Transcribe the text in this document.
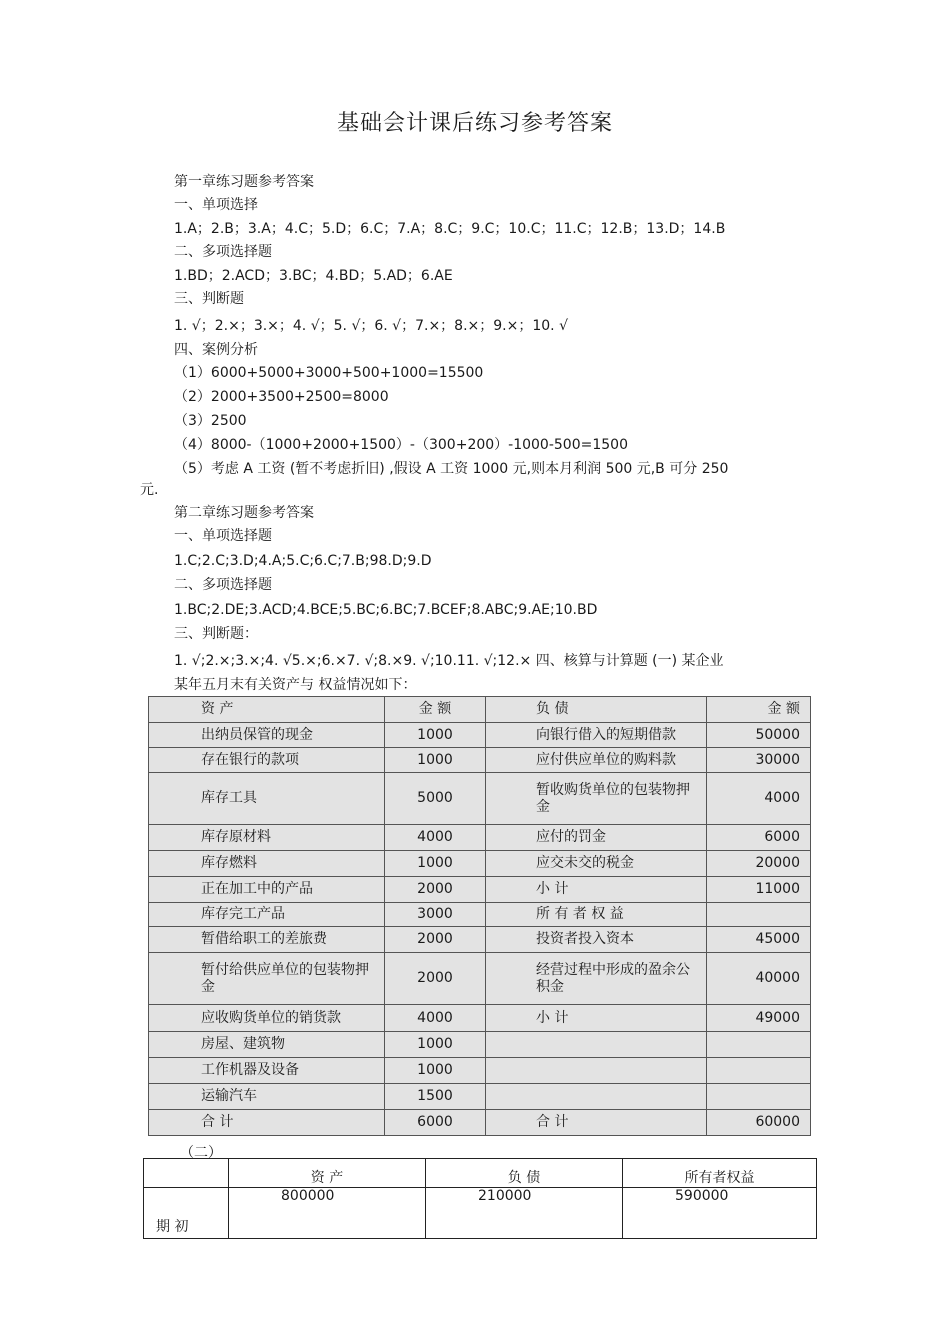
基础会计课后练习参考答案
第一章练习题参考答案
一、单项选择
1.A；2.B；3.A；4.C；5.D；6.C；7.A；8.C；9.C；10.C；11.C；12.B；13.D；14.B
二、多项选择题
1.BD；2.ACD；3.BC；4.BD；5.AD；6.AE
三、判断题
1. √；2.×；3.×；4. √；5. √；6. √；7.×；8.×；9.×；10. √
四、案例分析
（1）6000+5000+3000+500+1000=15500
（2）2000+3500+2500=8000
（3）2500
（4）8000-（1000+2000+1500）-（300+200）-1000-500=1500
（5）考虑 A 工资 (暂不考虑折旧) ,假设 A 工资 1000 元,则本月利润 500 元,B 可分 250
元.
第二章练习题参考答案
一、单项选择题
1.C;2.C;3.D;4.A;5.C;6.C;7.B;98.D;9.D
二、多项选择题
1.BC;2.DE;3.ACD;4.BCE;5.BC;6.BC;7.BCEF;8.ABC;9.AE;10.BD
三、判断题：
1. √;2.×;3.×;4. √5.×;6.×7. √;8.×9. √;10.11. √;12.× 四、核算与计算题 (一) 某企业
某年五月末有关资产与 权益情况如下：
资 产	金 额	负 债	金 额
出纳员保管的现金	1000	向银行借入的短期借款	50000
存在银行的款项	1000	应付供应单位的购料款	30000
库存工具	5000	暂收购货单位的包装物押金	4000
库存原材料	4000	应付的罚金	6000
库存燃料	1000	应交未交的税金	20000
正在加工中的产品	2000	小 计	11000
库存完工产品	3000	所 有 者 权 益	
暂借给职工的差旅费	2000	投资者投入资本	45000
暂付给供应单位的包装物押金	2000	经营过程中形成的盈余公积金	40000
应收购货单位的销货款	4000	小 计	49000
房屋、建筑物	1000		
工作机器及设备	1000		
运输汽车	1500		
合 计	6000	合 计	60000
（二）
	资 产	负 债	所有者权益
期 初	800000	210000	590000
